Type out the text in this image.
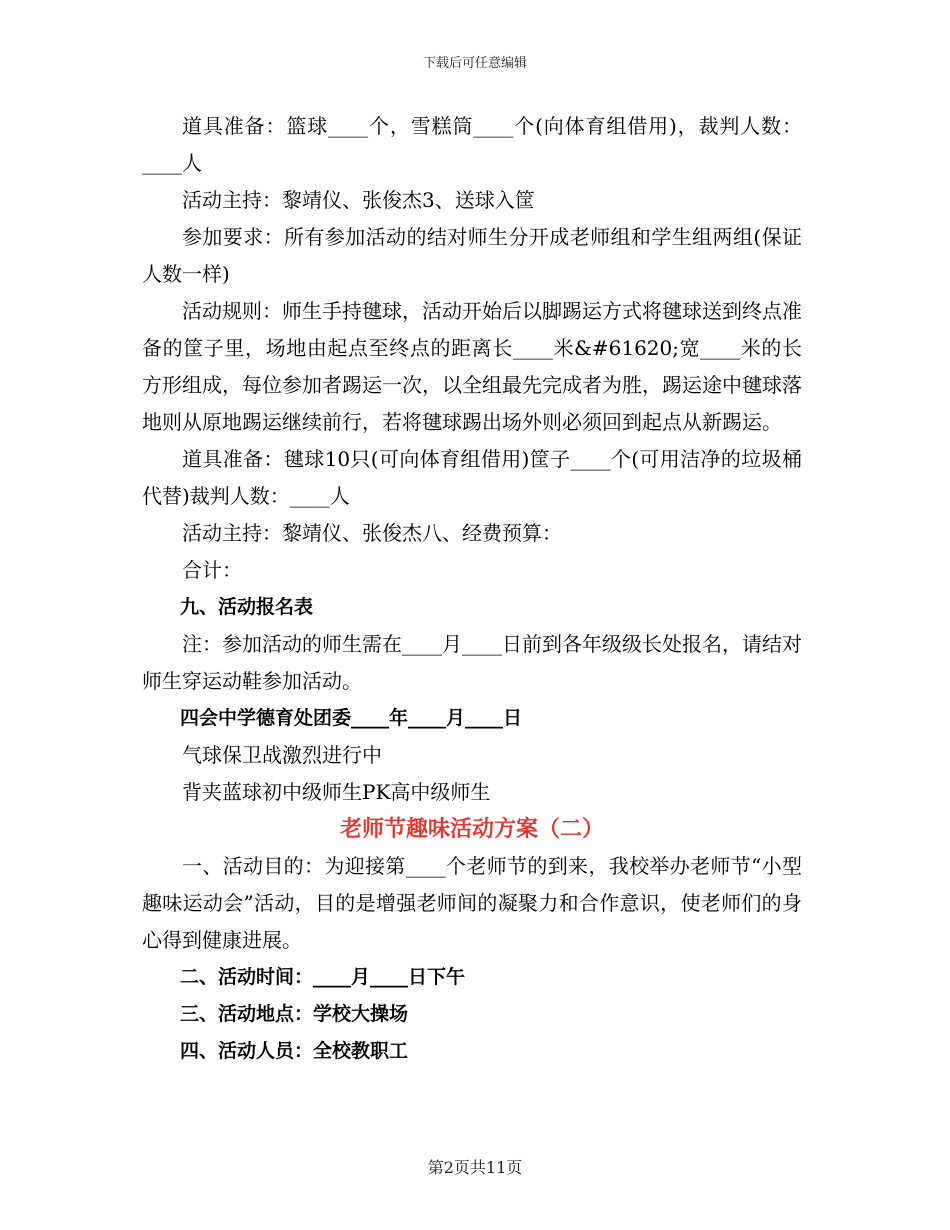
下载后可任意编辑

道具准备：篮球____个，雪糕筒____个(向体育组借用)，裁判人数：____人

活动主持：黎靖仪、张俊杰3、送球入筐

参加要求：所有参加活动的结对师生分开成老师组和学生组两组(保证人数一样)

活动规则：师生手持毽球，活动开始后以脚踢运方式将毽球送到终点准备的筐子里，场地由起点至终点的距离长____米&#61620;宽____米的长方形组成，每位参加者踢运一次，以全组最先完成者为胜，踢运途中毽球落地则从原地踢运继续前行，若将毽球踢出场外则必须回到起点从新踢运。

道具准备：毽球10只(可向体育组借用)筐子____个(可用洁净的垃圾桶代替)裁判人数：____人

活动主持：黎靖仪、张俊杰八、经费预算：

合计：

九、活动报名表

注：参加活动的师生需在____月____日前到各年级级长处报名，请结对师生穿运动鞋参加活动。

四会中学德育处团委____年____月____日

气球保卫战激烈进行中

背夹蓝球初中级师生PK高中级师生

老师节趣味活动方案（二）

一、活动目的：为迎接第____个老师节的到来，我校举办老师节“小型趣味运动会”活动，目的是增强老师间的凝聚力和合作意识，使老师们的身心得到健康进展。

二、活动时间：____月____日下午

三、活动地点：学校大操场

四、活动人员：全校教职工

第2页共11页
